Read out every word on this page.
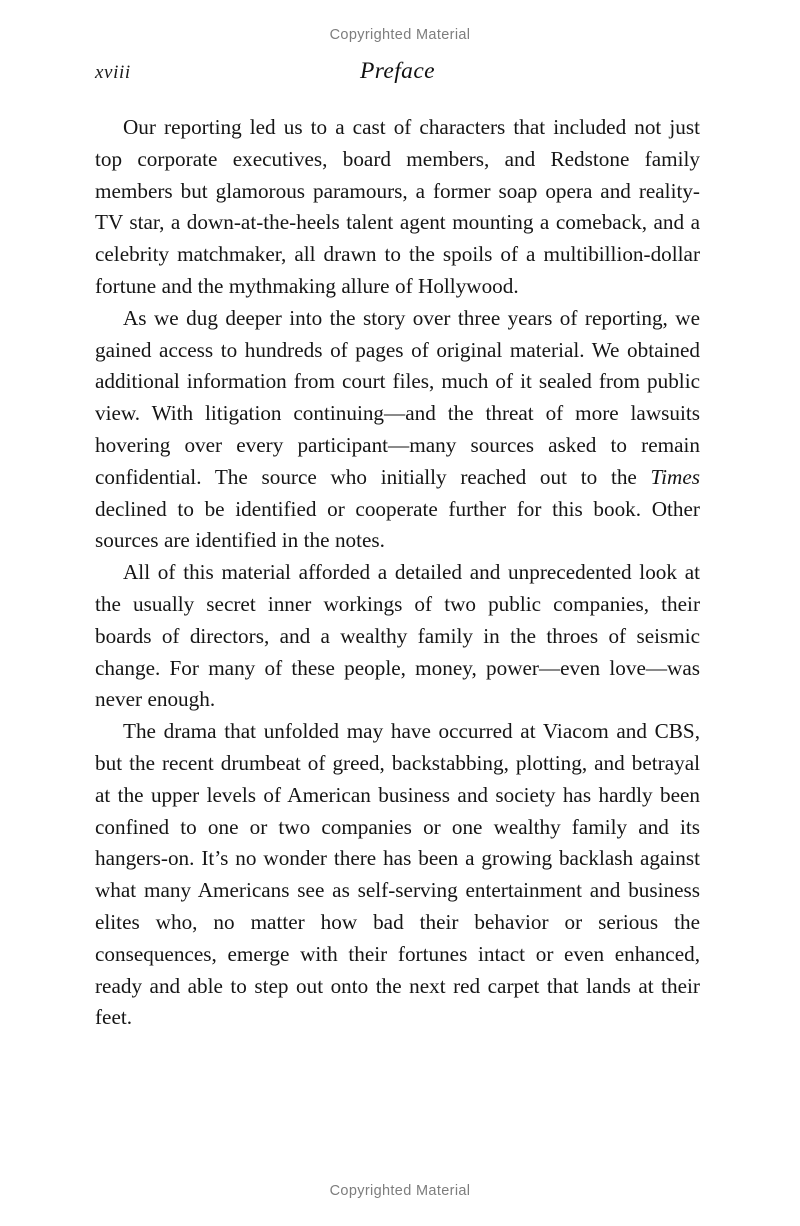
Copyrighted Material
xviii	Preface

Our reporting led us to a cast of characters that included not just top corporate executives, board members, and Redstone family members but glamorous paramours, a former soap opera and reality-TV star, a down-at-the-heels talent agent mounting a comeback, and a celebrity matchmaker, all drawn to the spoils of a multibillion-dollar fortune and the mythmaking allure of Hollywood.

As we dug deeper into the story over three years of reporting, we gained access to hundreds of pages of original material. We obtained additional information from court files, much of it sealed from public view. With litigation continuing—and the threat of more lawsuits hovering over every participant—many sources asked to remain confidential. The source who initially reached out to the Times declined to be identified or cooperate further for this book. Other sources are identified in the notes.

All of this material afforded a detailed and unprecedented look at the usually secret inner workings of two public companies, their boards of directors, and a wealthy family in the throes of seismic change. For many of these people, money, power—even love—was never enough.

The drama that unfolded may have occurred at Viacom and CBS, but the recent drumbeat of greed, backstabbing, plotting, and betrayal at the upper levels of American business and society has hardly been confined to one or two companies or one wealthy family and its hangers-on. It’s no wonder there has been a growing backlash against what many Americans see as self-serving entertainment and business elites who, no matter how bad their behavior or serious the consequences, emerge with their fortunes intact or even enhanced, ready and able to step out onto the next red carpet that lands at their feet.

Copyrighted Material
